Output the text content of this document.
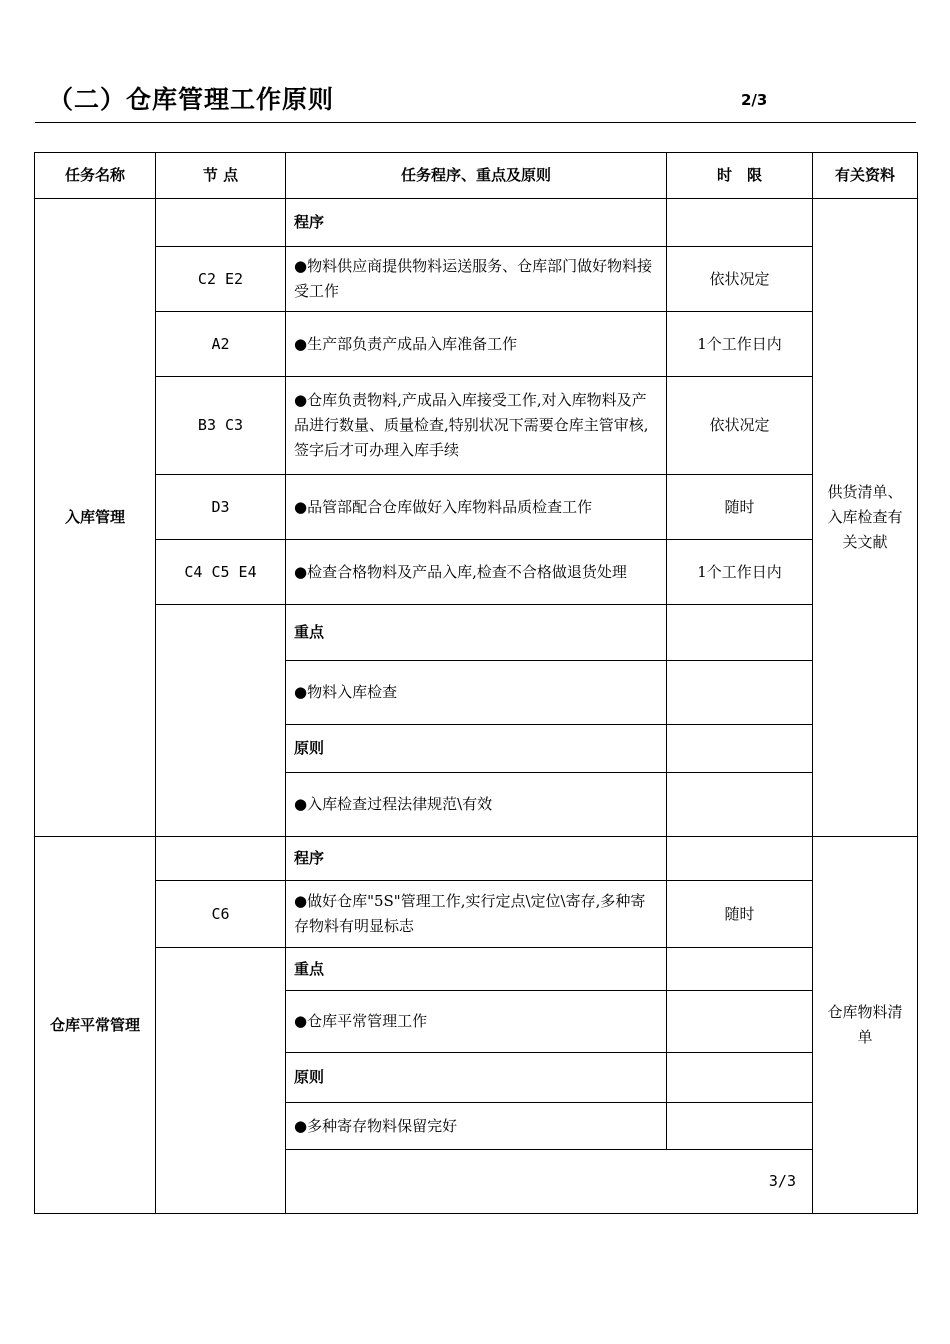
（二）仓库管理工作原则	2/3
任务名称	节 点	任务程序、重点及原则	时　限	有关资料
入库管理		程序		供货清单、入库检查有关文献

	C2 E2	●物料供应商提供物料运送服务、仓库部门做好物料接受工作	依状况定	
	A2	●生产部负责产成品入库准备工作	1个工作日内	
	B3 C3	●仓库负责物料,产成品入库接受工作,对入库物料及产品进行数量、质量检查,特别状况下需要仓库主管审核,签字后才可办理入库手续	依状况定	
	D3	●品管部配合仓库做好入库物料品质检查工作	随时	
	C4 C5 E4	●检查合格物料及产品入库,检查不合格做退货处理	1个工作日内	
		重点		
		●物料入库检查		
		原则		
		●入库检查过程法律规范\有效		
仓库平常管理		程序		仓库物料清单

	C6	●做好仓库"5S"管理工作,实行定点\定位\寄存,多种寄存物料有明显标志	随时	
		重点		
		●仓库平常管理工作		
		原则		
		●多种寄存物料保留完好		
		3/3		
